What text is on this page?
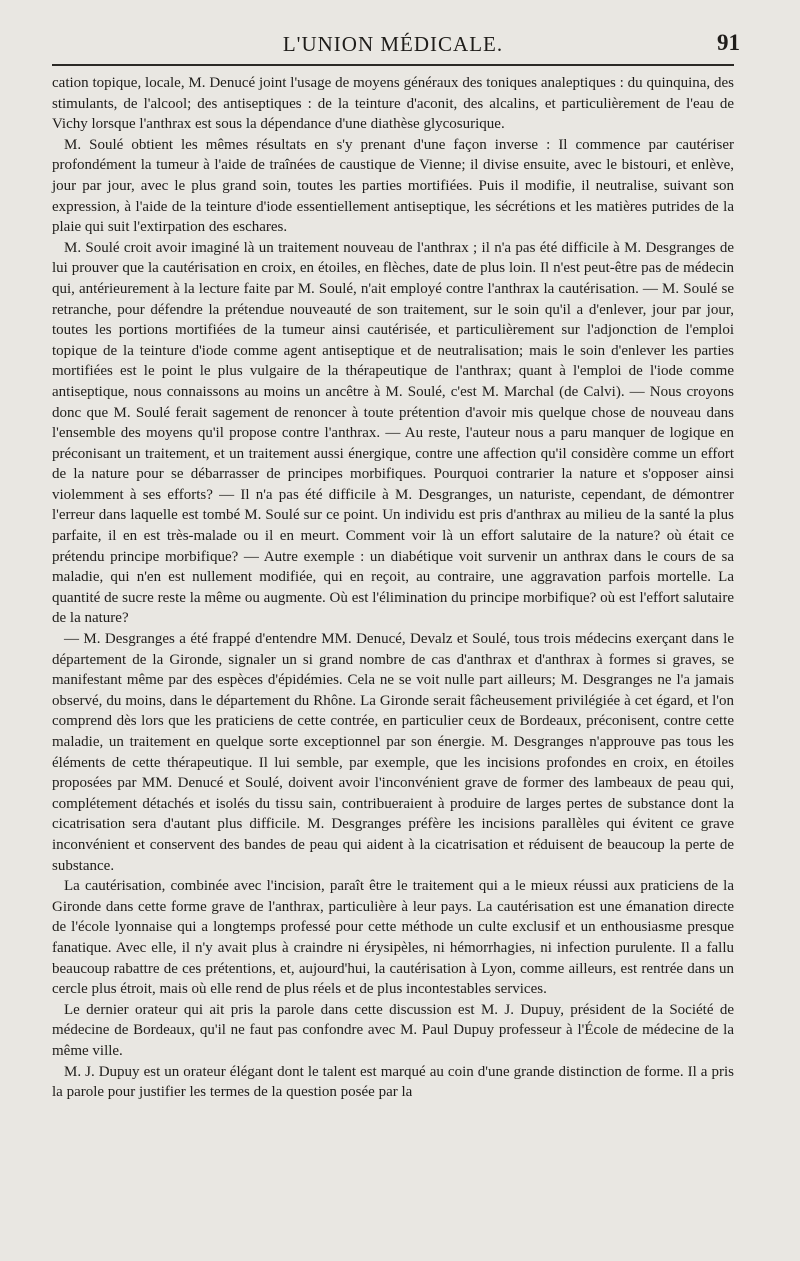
L'UNION MÉDICALE.	91

cation topique, locale, M. Denucé joint l'usage de moyens généraux des toniques analeptiques : du quinquina, des stimulants, de l'alcool; des antiseptiques : de la teinture d'aconit, des alcalins, et particulièrement de l'eau de Vichy lorsque l'anthrax est sous la dépendance d'une diathèse glycosurique.

M. Soulé obtient les mêmes résultats en s'y prenant d'une façon inverse : Il commence par cautériser profondément la tumeur à l'aide de traînées de caustique de Vienne; il divise ensuite, avec le bistouri, et enlève, jour par jour, avec le plus grand soin, toutes les parties mortifiées. Puis il modifie, il neutralise, suivant son expression, à l'aide de la teinture d'iode essentiellement antiseptique, les sécrétions et les matières putrides de la plaie qui suit l'extirpation des eschares.

M. Soulé croit avoir imaginé là un traitement nouveau de l'anthrax ; il n'a pas été difficile à M. Desgranges de lui prouver que la cautérisation en croix, en étoiles, en flèches, date de plus loin. Il n'est peut-être pas de médecin qui, antérieurement à la lecture faite par M. Soulé, n'ait employé contre l'anthrax la cautérisation. — M. Soulé se retranche, pour défendre la prétendue nouveauté de son traitement, sur le soin qu'il a d'enlever, jour par jour, toutes les portions mortifiées de la tumeur ainsi cautérisée, et particulièrement sur l'adjonction de l'emploi topique de la teinture d'iode comme agent antiseptique et de neutralisation; mais le soin d'enlever les parties mortifiées est le point le plus vulgaire de la thérapeutique de l'anthrax; quant à l'emploi de l'iode comme antiseptique, nous connaissons au moins un ancêtre à M. Soulé, c'est M. Marchal (de Calvi). — Nous croyons donc que M. Soulé ferait sagement de renoncer à toute prétention d'avoir mis quelque chose de nouveau dans l'ensemble des moyens qu'il propose contre l'anthrax. — Au reste, l'auteur nous a paru manquer de logique en préconisant un traitement, et un traitement aussi énergique, contre une affection qu'il considère comme un effort de la nature pour se débarrasser de principes morbifiques. Pourquoi contrarier la nature et s'opposer ainsi violemment à ses efforts? — Il n'a pas été difficile à M. Desgranges, un naturiste, cependant, de démontrer l'erreur dans laquelle est tombé M. Soulé sur ce point. Un individu est pris d'anthrax au milieu de la santé la plus parfaite, il en est très-malade ou il en meurt. Comment voir là un effort salutaire de la nature? où était ce prétendu principe morbifique? — Autre exemple : un diabétique voit survenir un anthrax dans le cours de sa maladie, qui n'en est nullement modifiée, qui en reçoit, au contraire, une aggravation parfois mortelle. La quantité de sucre reste la même ou augmente. Où est l'élimination du principe morbifique? où est l'effort salutaire de la nature?

— M. Desgranges a été frappé d'entendre MM. Denucé, Devalz et Soulé, tous trois médecins exerçant dans le département de la Gironde, signaler un si grand nombre de cas d'anthrax et d'anthrax à formes si graves, se manifestant même par des espèces d'épidémies. Cela ne se voit nulle part ailleurs; M. Desgranges ne l'a jamais observé, du moins, dans le département du Rhône. La Gironde serait fâcheusement privilégiée à cet égard, et l'on comprend dès lors que les praticiens de cette contrée, en particulier ceux de Bordeaux, préconisent, contre cette maladie, un traitement en quelque sorte exceptionnel par son énergie. M. Desgranges n'approuve pas tous les éléments de cette thérapeutique. Il lui semble, par exemple, que les incisions profondes en croix, en étoiles proposées par MM. Denucé et Soulé, doivent avoir l'inconvénient grave de former des lambeaux de peau qui, complétement détachés et isolés du tissu sain, contribueraient à produire de larges pertes de substance dont la cicatrisation sera d'autant plus difficile. M. Desgranges préfère les incisions parallèles qui évitent ce grave inconvénient et conservent des bandes de peau qui aident à la cicatrisation et réduisent de beaucoup la perte de substance.

La cautérisation, combinée avec l'incision, paraît être le traitement qui a le mieux réussi aux praticiens de la Gironde dans cette forme grave de l'anthrax, particulière à leur pays. La cautérisation est une émanation directe de l'école lyonnaise qui a longtemps professé pour cette méthode un culte exclusif et un enthousiasme presque fanatique. Avec elle, il n'y avait plus à craindre ni érysipèles, ni hémorrhagies, ni infection purulente. Il a fallu beaucoup rabattre de ces prétentions, et, aujourd'hui, la cautérisation à Lyon, comme ailleurs, est rentrée dans un cercle plus étroit, mais où elle rend de plus réels et de plus incontestables services.

Le dernier orateur qui ait pris la parole dans cette discussion est M. J. Dupuy, président de la Société de médecine de Bordeaux, qu'il ne faut pas confondre avec M. Paul Dupuy professeur à l'École de médecine de la même ville.

M. J. Dupuy est un orateur élégant dont le talent est marqué au coin d'une grande distinction de forme. Il a pris la parole pour justifier les termes de la question posée par la
